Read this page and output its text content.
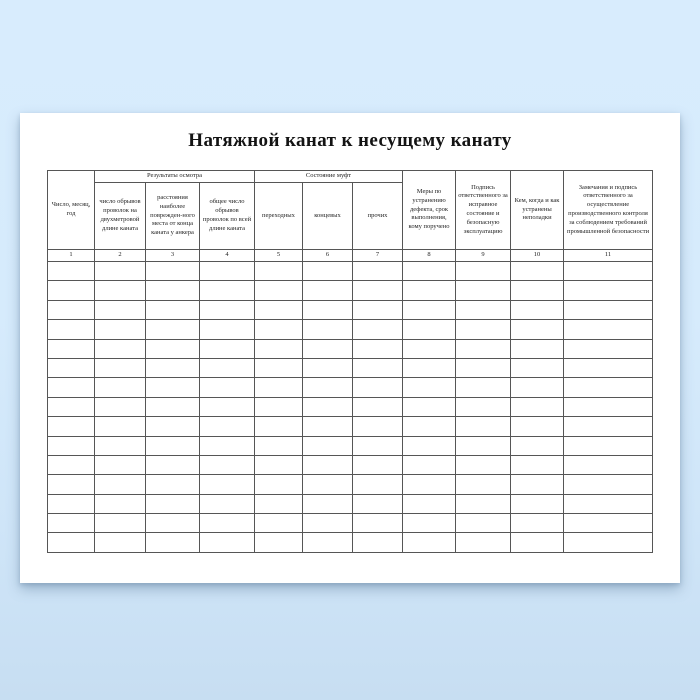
Натяжной канат к несущему канату
Число, месяц, год	Результаты осмотра			Состояние муфт			Меры по устранению дефекта, срок выполнения, кому поручено	Подпись ответственного за исправное состояние и безопасную эксплуатацию	Кем, когда и как устранены неполадки	Замечания и подпись ответственного за осуществление производственного контроля за соблюдением требований промышленной безопасности
	число обрывов проволок на двухметровой длине каната	расстояния наиболее поврежден-ного места от конца каната у анкера	общее число обрывов проволок по всей длине каната	переходных	концевых	прочих				
1	2	3	4	5	6	7	8	9	10	11
